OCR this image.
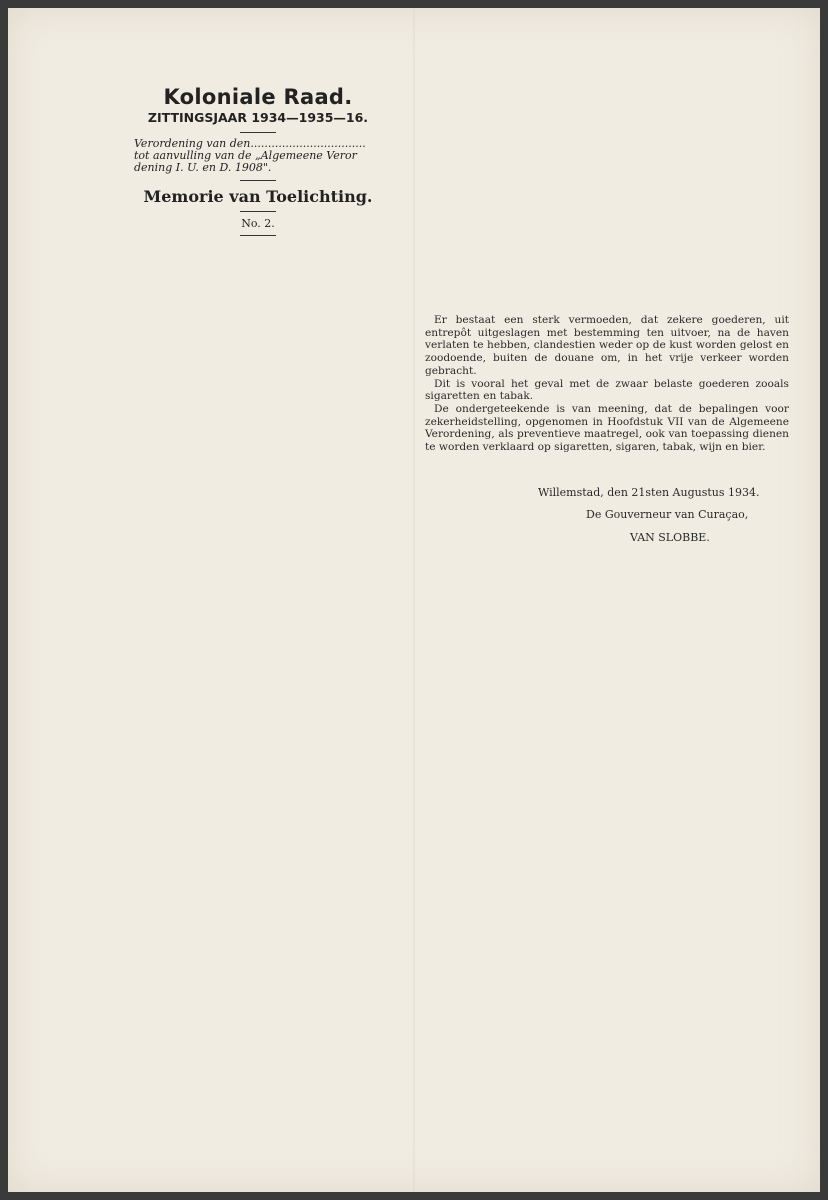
Koloniale Raad.

ZITTINGSJAAR 1934—1935—16.

Verordening van den.................................

tot aanvulling van de „Algemeene Veror

dening I. U. en D. 1908".

Memorie van Toelichting.

No. 2.

Er bestaat een sterk vermoeden, dat zekere goederen, uit entrepôt uitgeslagen met bestemming ten uitvoer, na de haven verlaten te hebben, clandestien weder op de kust worden gelost en zoodoende, buiten de douane om, in het vrije verkeer worden gebracht.

Dit is vooral het geval met de zwaar belaste goederen zooals sigaretten en tabak.

De ondergeteekende is van meening, dat de bepalingen voor zekerheidstelling, opgenomen in Hoofdstuk VII van de Algemeene Verordening, als preventieve maatregel, ook van toepassing dienen te worden verklaard op sigaretten, sigaren, tabak, wijn en bier.

Willemstad, den 21sten Augustus 1934.
De Gouverneur van Curaçao,
VAN SLOBBE.
